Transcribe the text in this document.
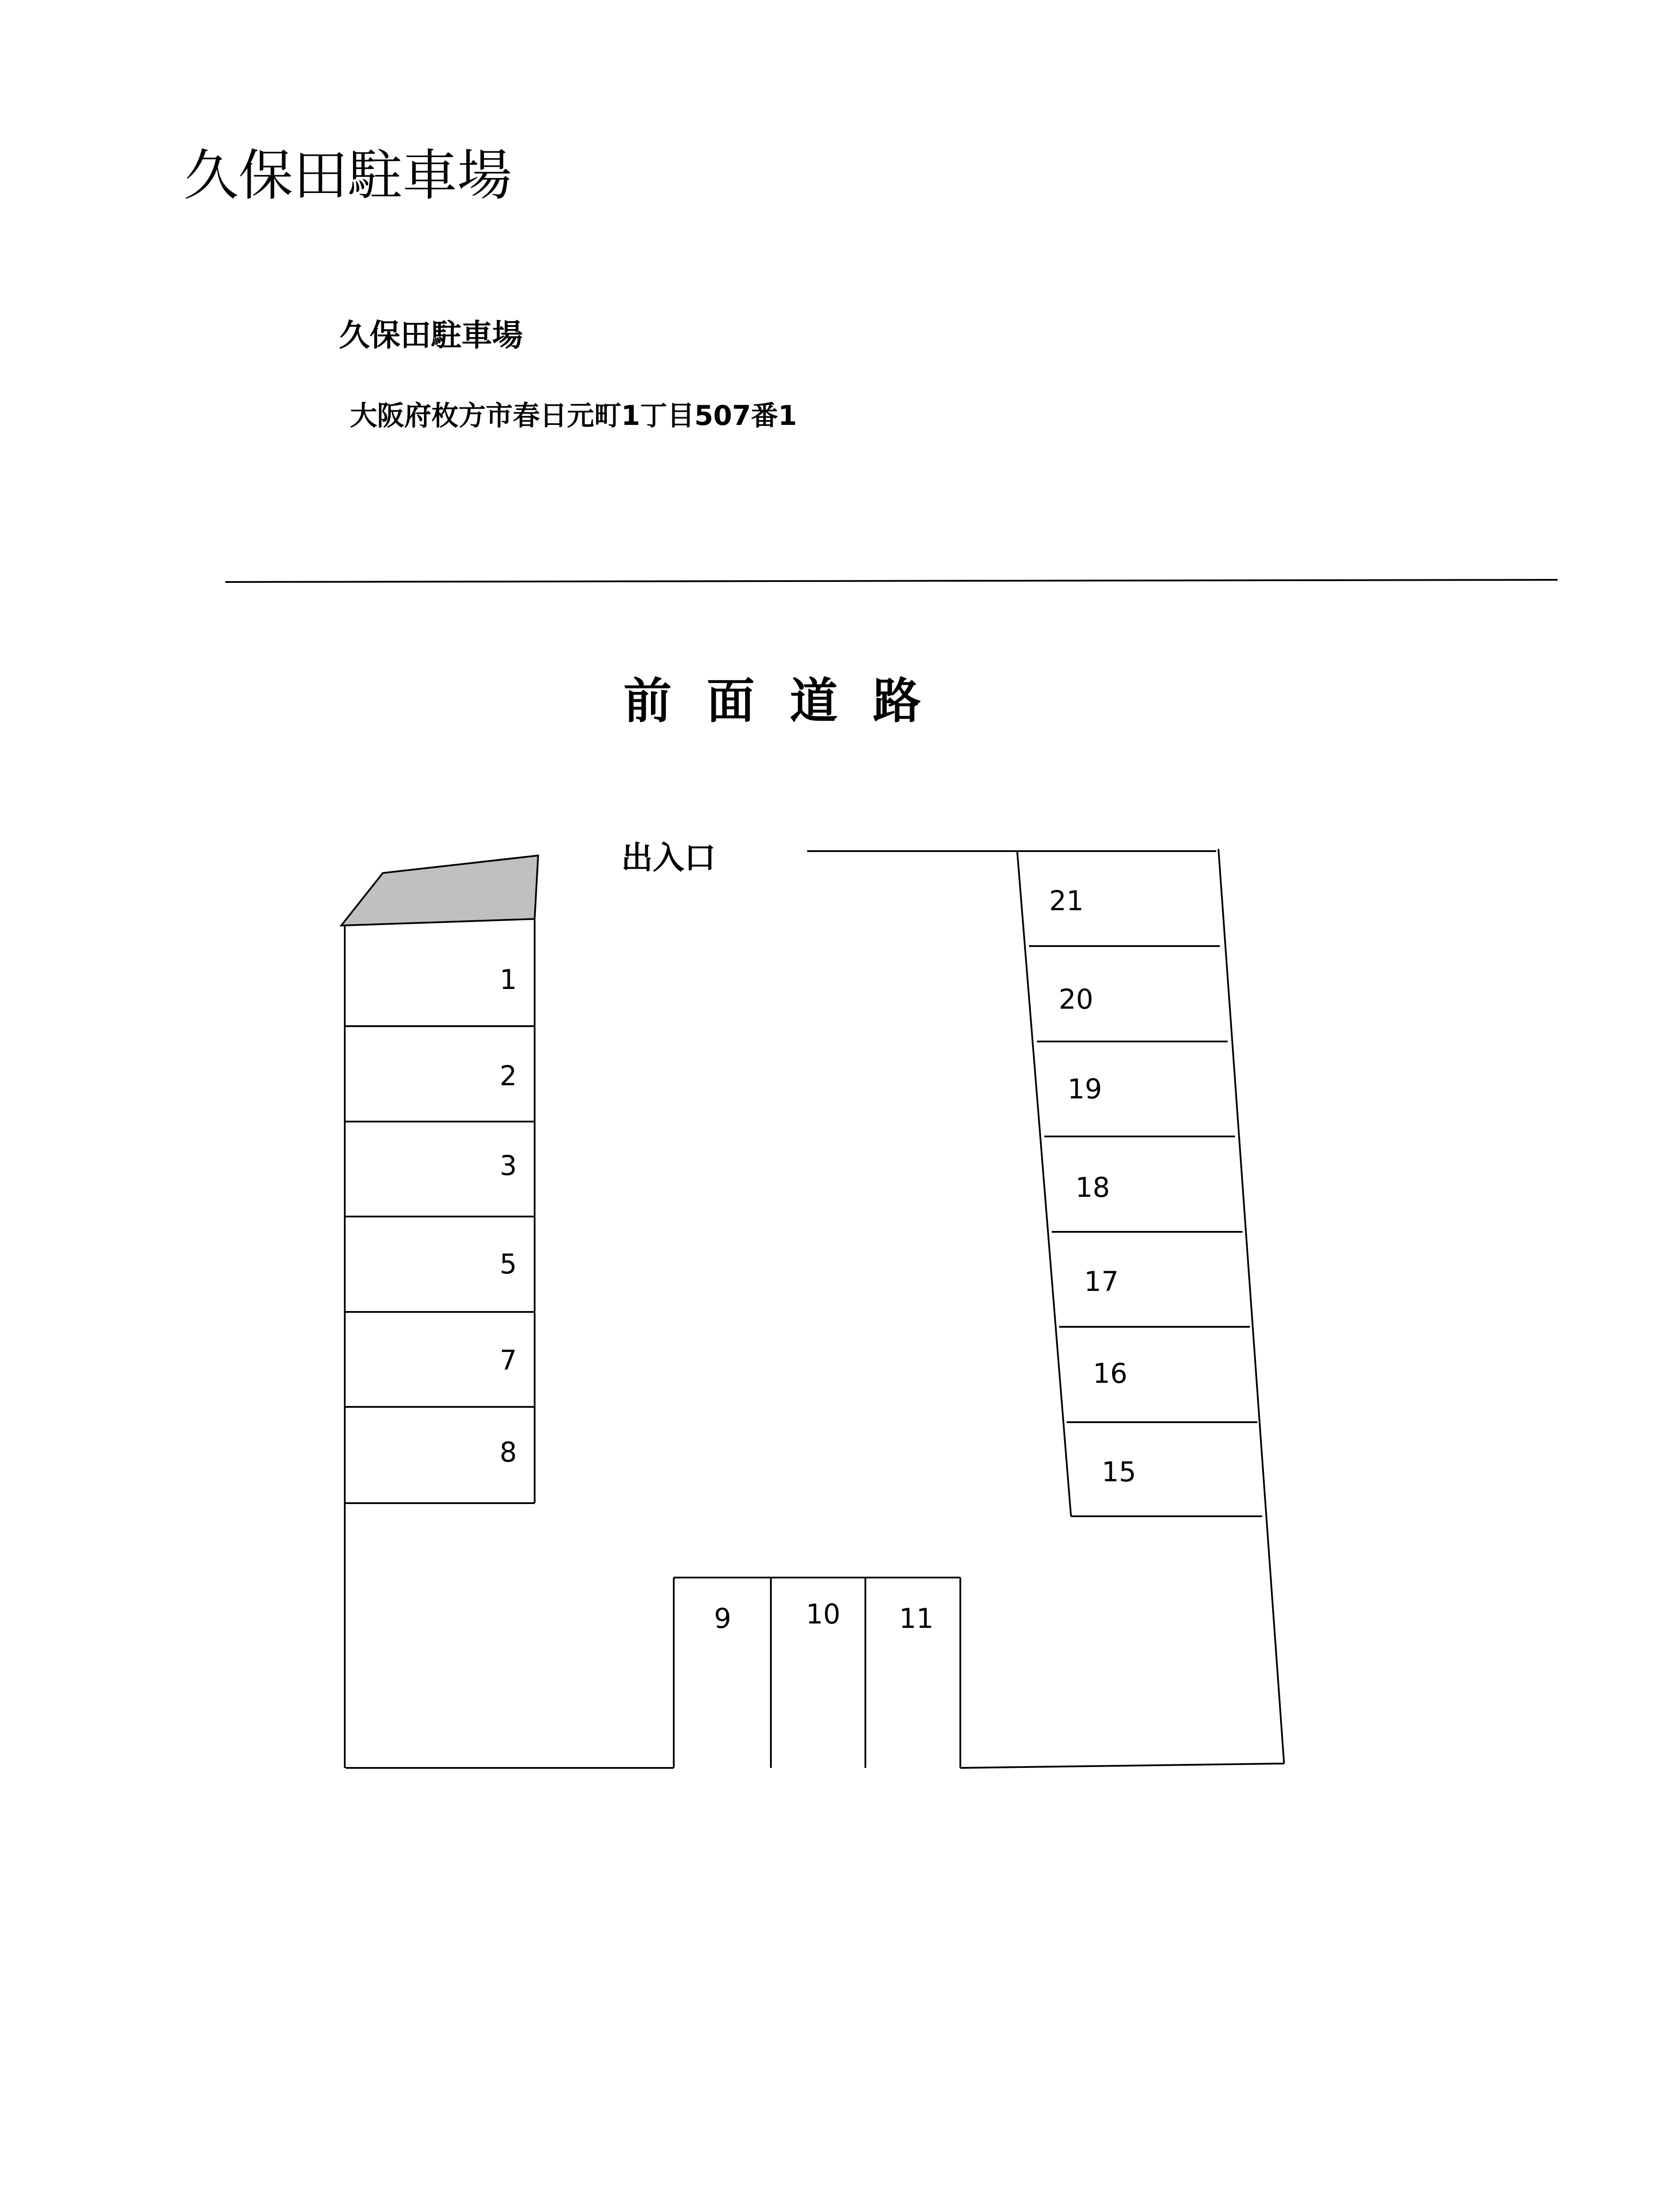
久保田駐車場
久保田駐車場
大阪府枚方市春日元町1丁目507番1
前面道路
出入口
1
2
3
5
7
8
9	10 11
21
20
19
18
17
16
15
